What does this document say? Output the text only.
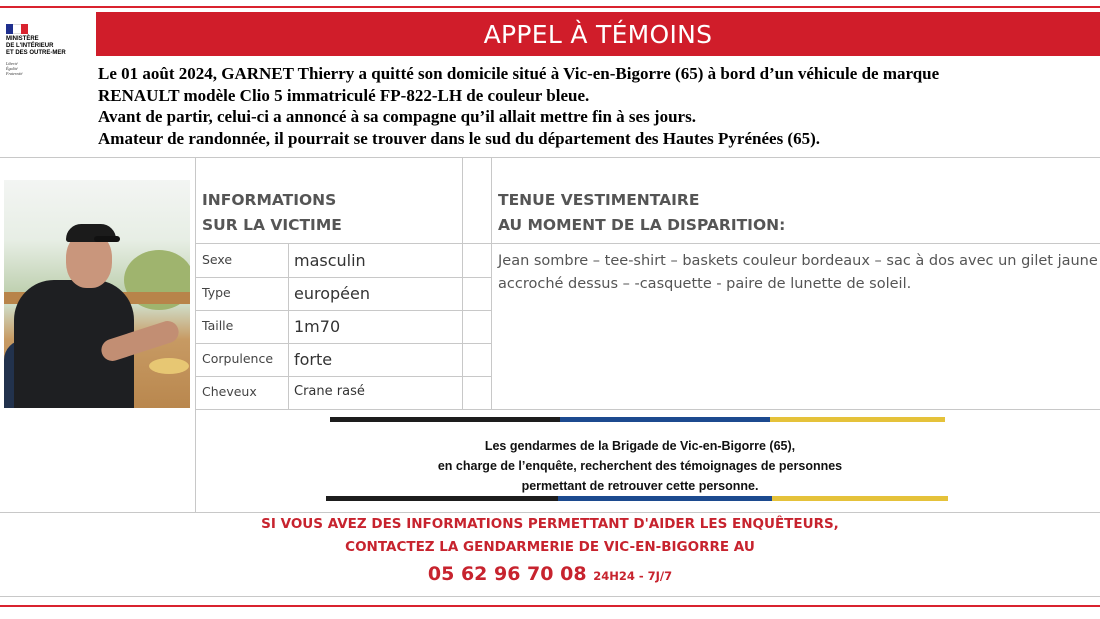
MINISTÈRE
DE L'INTÉRIEUR
ET DES OUTRE-MER
Liberté
Égalité
Fraternité
APPEL À TÉMOINS

Le 01 août 2024, GARNET Thierry a quitté son domicile situé à Vic-en-Bigorre (65) à bord d’un véhicule de marque

RENAULT modèle Clio 5 immatriculé FP-822-LH de couleur bleue.

Avant de partir, celui-ci a annoncé à sa compagne qu’il allait mettre fin à ses jours.

Amateur de randonnée, il pourrait se trouver dans le sud du département des Hautes Pyrénées (65).

INFORMATIONS
SUR LA VICTIME
Sexe	masculin
Type	européen
Taille	1m70
Corpulence forte
Cheveux	Crane rasé
TENUE VESTIMENTAIRE
AU MOMENT DE LA DISPARITION:
Jean sombre – tee-shirt – baskets couleur bordeaux – sac à dos avec un gilet jaune accroché dessus – -casquette - paire de lunette de soleil.
Les gendarmes de la Brigade de Vic-en-Bigorre (65),
en charge de l’enquête, recherchent des témoignages de personnes
permettant de retrouver cette personne.
SI VOUS AVEZ DES INFORMATIONS PERMETTANT D'AIDER LES ENQUÊTEURS,
CONTACTEZ LA GENDARMERIE DE VIC-EN-BIGORRE AU
05 62 96 70 08 24H24 - 7J/7
